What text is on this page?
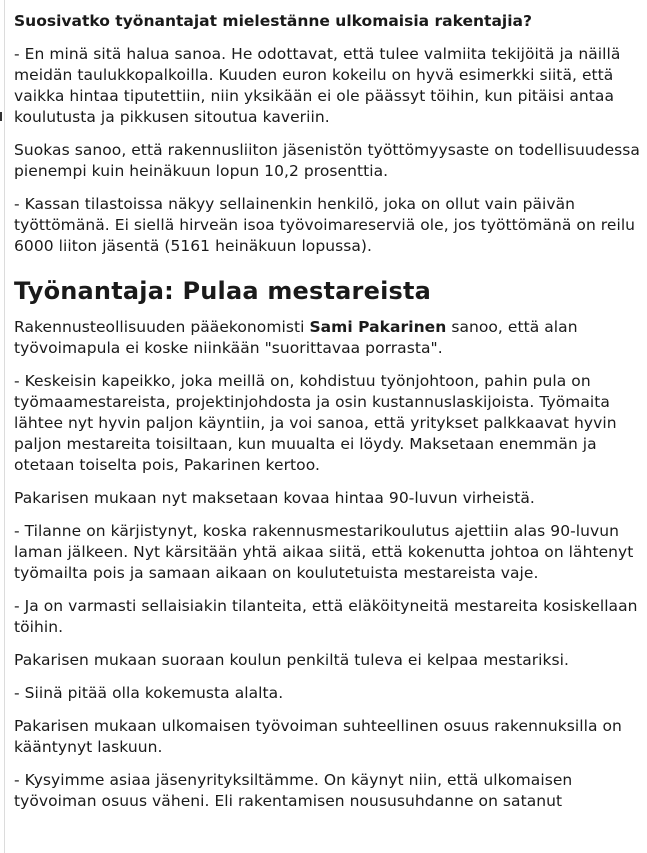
Suosivatko työnantajat mielestänne ulkomaisia rakentajia?

- En minä sitä halua sanoa. He odottavat, että tulee valmiita tekijöitä ja näillä meidän taulukkopalkoilla. Kuuden euron kokeilu on hyvä esimerkki siitä, että vaikka hintaa tiputettiin, niin yksikään ei ole päässyt töihin, kun pitäisi antaa koulutusta ja pikkusen sitoutua kaveriin.

Suokas sanoo, että rakennusliiton jäsenistön työttömyysaste on todellisuudessa pienempi kuin heinäkuun lopun 10,2 prosenttia.

- Kassan tilastoissa näkyy sellainenkin henkilö, joka on ollut vain päivän työttömänä. Ei siellä hirveän isoa työvoimareserviä ole, jos työttömänä on reilu 6000 liiton jäsentä (5161 heinäkuun lopussa).

Työnantaja: Pulaa mestareista

Rakennusteollisuuden pääekonomisti Sami Pakarinen sanoo, että alan työvoimapula ei koske niinkään "suorittavaa porrasta".

- Keskeisin kapeikko, joka meillä on, kohdistuu työnjohtoon, pahin pula on työmaamestareista, projektinjohdosta ja osin kustannuslaskijoista. Työmaita lähtee nyt hyvin paljon käyntiin, ja voi sanoa, että yritykset palkkaavat hyvin paljon mestareita toisiltaan, kun muualta ei löydy. Maksetaan enemmän ja otetaan toiselta pois, Pakarinen kertoo.

Pakarisen mukaan nyt maksetaan kovaa hintaa 90-luvun virheistä.

- Tilanne on kärjistynyt, koska rakennusmestarikoulutus ajettiin alas 90-luvun laman jälkeen. Nyt kärsitään yhtä aikaa siitä, että kokenutta johtoa on lähtenyt työmailta pois ja samaan aikaan on koulutetuista mestareista vaje.

- Ja on varmasti sellaisiakin tilanteita, että eläköityneitä mestareita kosiskellaan töihin.

Pakarisen mukaan suoraan koulun penkiltä tuleva ei kelpaa mestariksi.

- Siinä pitää olla kokemusta alalta.

Pakarisen mukaan ulkomaisen työvoiman suhteellinen osuus rakennuksilla on kääntynyt laskuun.

- Kysyimme asiaa jäsenyrityksiltämme. On käynyt niin, että ulkomaisen työvoiman osuus väheni. Eli rakentamisen noususuhdanne on satanut
